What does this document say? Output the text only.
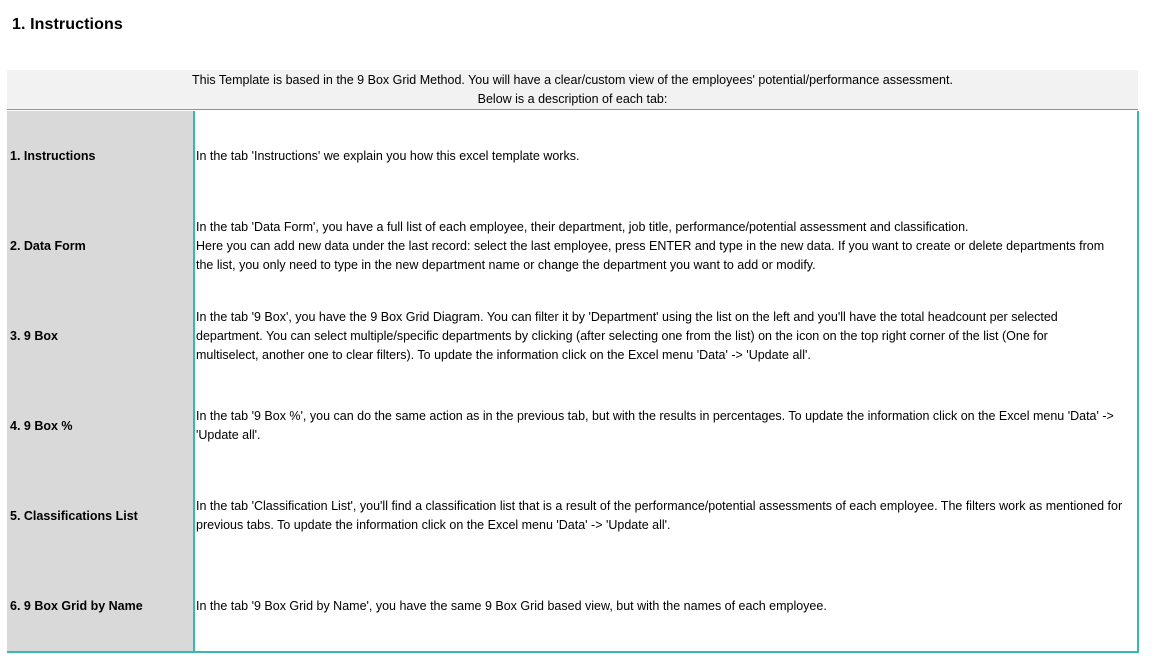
1. Instructions
This Template is based in the 9 Box Grid Method. You will have a clear/custom view of the employees' potential/performance assessment.
Below is a description of each tab:
1. Instructions	In the tab 'Instructions' we explain you how this excel template works.
2. Data Form
In the tab 'Data Form', you have a full list of each employee, their department, job title, performance/potential assessment and classification.
Here you can add new data under the last record: select the last employee, press ENTER and type in the new data. If you want to create or delete departments from
the list, you only need to type in the new department name or change the department you want to add or modify.
3. 9 Box
In the tab '9 Box', you have the 9 Box Grid Diagram. You can filter it by 'Department' using the list on the left and you'll have the total headcount per selected
department. You can select multiple/specific departments by clicking (after selecting one from the list) on the icon on the top right corner of the list (One for
multiselect, another one to clear filters). To update the information click on the Excel menu 'Data' -> 'Update all'.
4. 9 Box %
In the tab '9 Box %', you can do the same action as in the previous tab, but with the results in percentages. To update the information click on the Excel menu 'Data' ->
'Update all'.
5. Classifications List
In the tab 'Classification List', you'll find a classification list that is a result of the performance/potential assessments of each employee. The filters work as mentioned for
previous tabs. To update the information click on the Excel menu 'Data' -> 'Update all'.
6. 9 Box Grid by Name	In the tab '9 Box Grid by Name', you have the same 9 Box Grid based view, but with the names of each employee.
